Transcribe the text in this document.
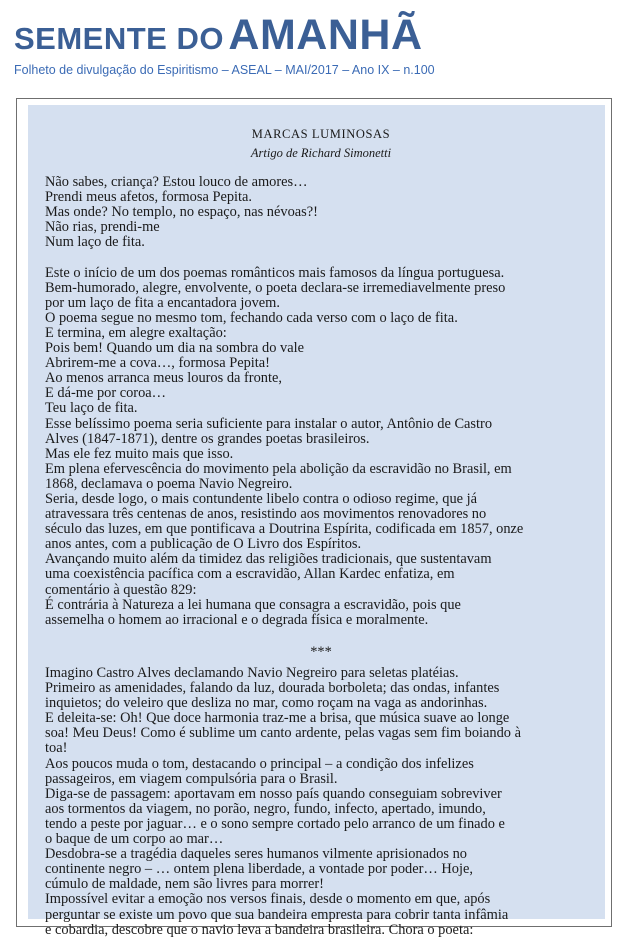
SEMENTE DO AMANHÃ
Folheto de divulgação do Espiritismo – ASEAL – MAI/2017 – Ano IX – n.100
MARCAS LUMINOSAS
Artigo de Richard Simonetti
Não sabes, criança? Estou louco de amores…
Prendi meus afetos, formosa Pepita.
Mas onde? No templo, no espaço, nas névoas?!
Não rias, prendi-me
Num laço de fita.
Este o início de um dos poemas românticos mais famosos da língua portuguesa.
Bem-humorado, alegre, envolvente, o poeta declara-se irremediavelmente preso
por um laço de fita a encantadora jovem.
O poema segue no mesmo tom, fechando cada verso com o laço de fita.
E termina, em alegre exaltação:
Pois bem! Quando um dia na sombra do vale
Abrirem-me a cova…, formosa Pepita!
Ao menos arranca meus louros da fronte,
E dá-me por coroa…
Teu laço de fita.
Esse belíssimo poema seria suficiente para instalar o autor, Antônio de Castro
Alves (1847-1871), dentre os grandes poetas brasileiros.
Mas ele fez muito mais que isso.
Em plena efervescência do movimento pela abolição da escravidão no Brasil, em
1868, declamava o poema Navio Negreiro.
Seria, desde logo, o mais contundente libelo contra o odioso regime, que já
atravessara três centenas de anos, resistindo aos movimentos renovadores no
século das luzes, em que pontificava a Doutrina Espírita, codificada em 1857, onze
anos antes, com a publicação de O Livro dos Espíritos.
Avançando muito além da timidez das religiões tradicionais, que sustentavam
uma coexistência pacífica com a escravidão, Allan Kardec enfatiza, em
comentário à questão 829:
É contrária à Natureza a lei humana que consagra a escravidão, pois que
assemelha o homem ao irracional e o degrada física e moralmente.
***
Imagino Castro Alves declamando Navio Negreiro para seletas platéias.
Primeiro as amenidades, falando da luz, dourada borboleta; das ondas, infantes
inquietos; do veleiro que desliza no mar, como roçam na vaga as andorinhas.
E deleita-se: Oh! Que doce harmonia traz-me a brisa, que música suave ao longe
soa! Meu Deus! Como é sublime um canto ardente, pelas vagas sem fim boiando à
toa!
Aos poucos muda o tom, destacando o principal – a condição dos infelizes
passageiros, em viagem compulsória para o Brasil.
Diga-se de passagem: aportavam em nosso país quando conseguiam sobreviver
aos tormentos da viagem, no porão, negro, fundo, infecto, apertado, imundo,
tendo a peste por jaguar… e o sono sempre cortado pelo arranco de um finado e
o baque de um corpo ao mar…
Desdobra-se a tragédia daqueles seres humanos vilmente aprisionados no
continente negro – … ontem plena liberdade, a vontade por poder… Hoje,
cúmulo de maldade, nem são livres para morrer!
Impossível evitar a emoção nos versos finais, desde o momento em que, após
perguntar se existe um povo que sua bandeira empresta para cobrir tanta infâmia
e cobardia, descobre que o navio leva a bandeira brasileira. Chora o poeta:
